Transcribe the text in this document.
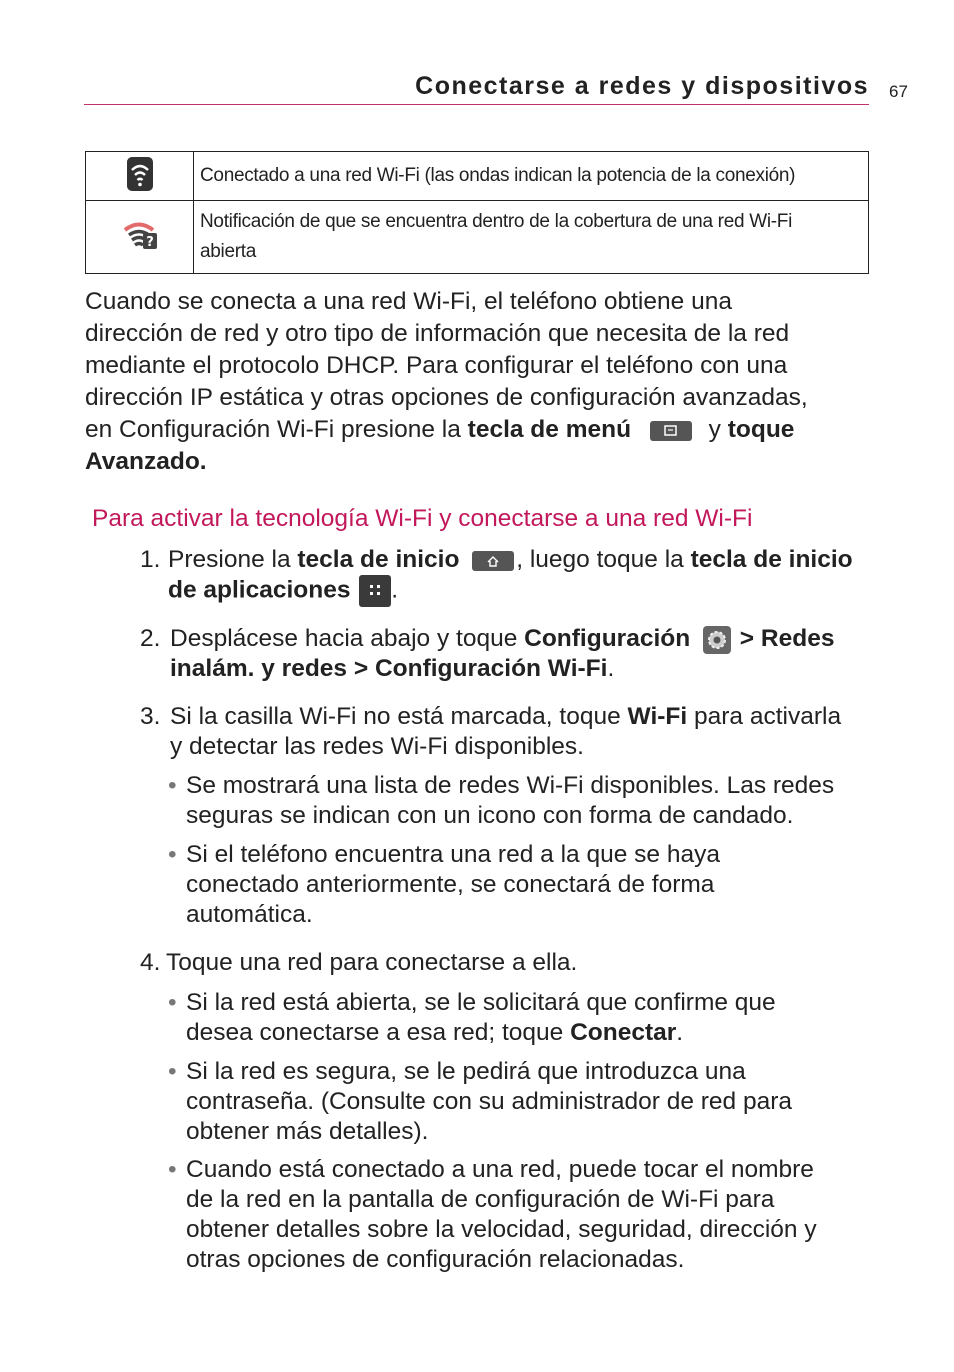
Conectarse a redes y dispositivos 67
	Conectado a una red Wi-Fi (las ondas indican la potencia de la conexión)

?	Notificación de que se encuentra dentro de la cobertura de una red Wi-Fi
abierta
Cuando se conecta a una red Wi-Fi, el teléfono obtiene una
dirección de red y otro tipo de información que necesita de la red
mediante el protocolo DHCP. Para configurar el teléfono con una
dirección IP estática y otras opciones de configuración avanzadas,
en Configuración Wi-Fi presione la tecla de menú	y toque
Avanzado.
Para activar la tecnología Wi-Fi y conectarse a una red Wi-Fi
1. Presione la tecla de inicio , luego toque la tecla de inicio
de aplicaciones .
2. Desplácese hacia abajo y toque Configuración  > Redes
inalám. y redes > Configuración Wi-Fi.
3. Si la casilla Wi-Fi no está marcada, toque Wi-Fi para activarla
y detectar las redes Wi-Fi disponibles.
• Se mostrará una lista de redes Wi-Fi disponibles. Las redes
seguras se indican con un icono con forma de candado.
• Si el teléfono encuentra una red a la que se haya
conectado anteriormente, se conectará de forma
automática.
4. Toque una red para conectarse a ella.
• Si la red está abierta, se le solicitará que confirme que
desea conectarse a esa red; toque Conectar.
• Si la red es segura, se le pedirá que introduzca una
contraseña. (Consulte con su administrador de red para
obtener más detalles).
• Cuando está conectado a una red, puede tocar el nombre
de la red en la pantalla de configuración de Wi-Fi para
obtener detalles sobre la velocidad, seguridad, dirección y
otras opciones de configuración relacionadas.
